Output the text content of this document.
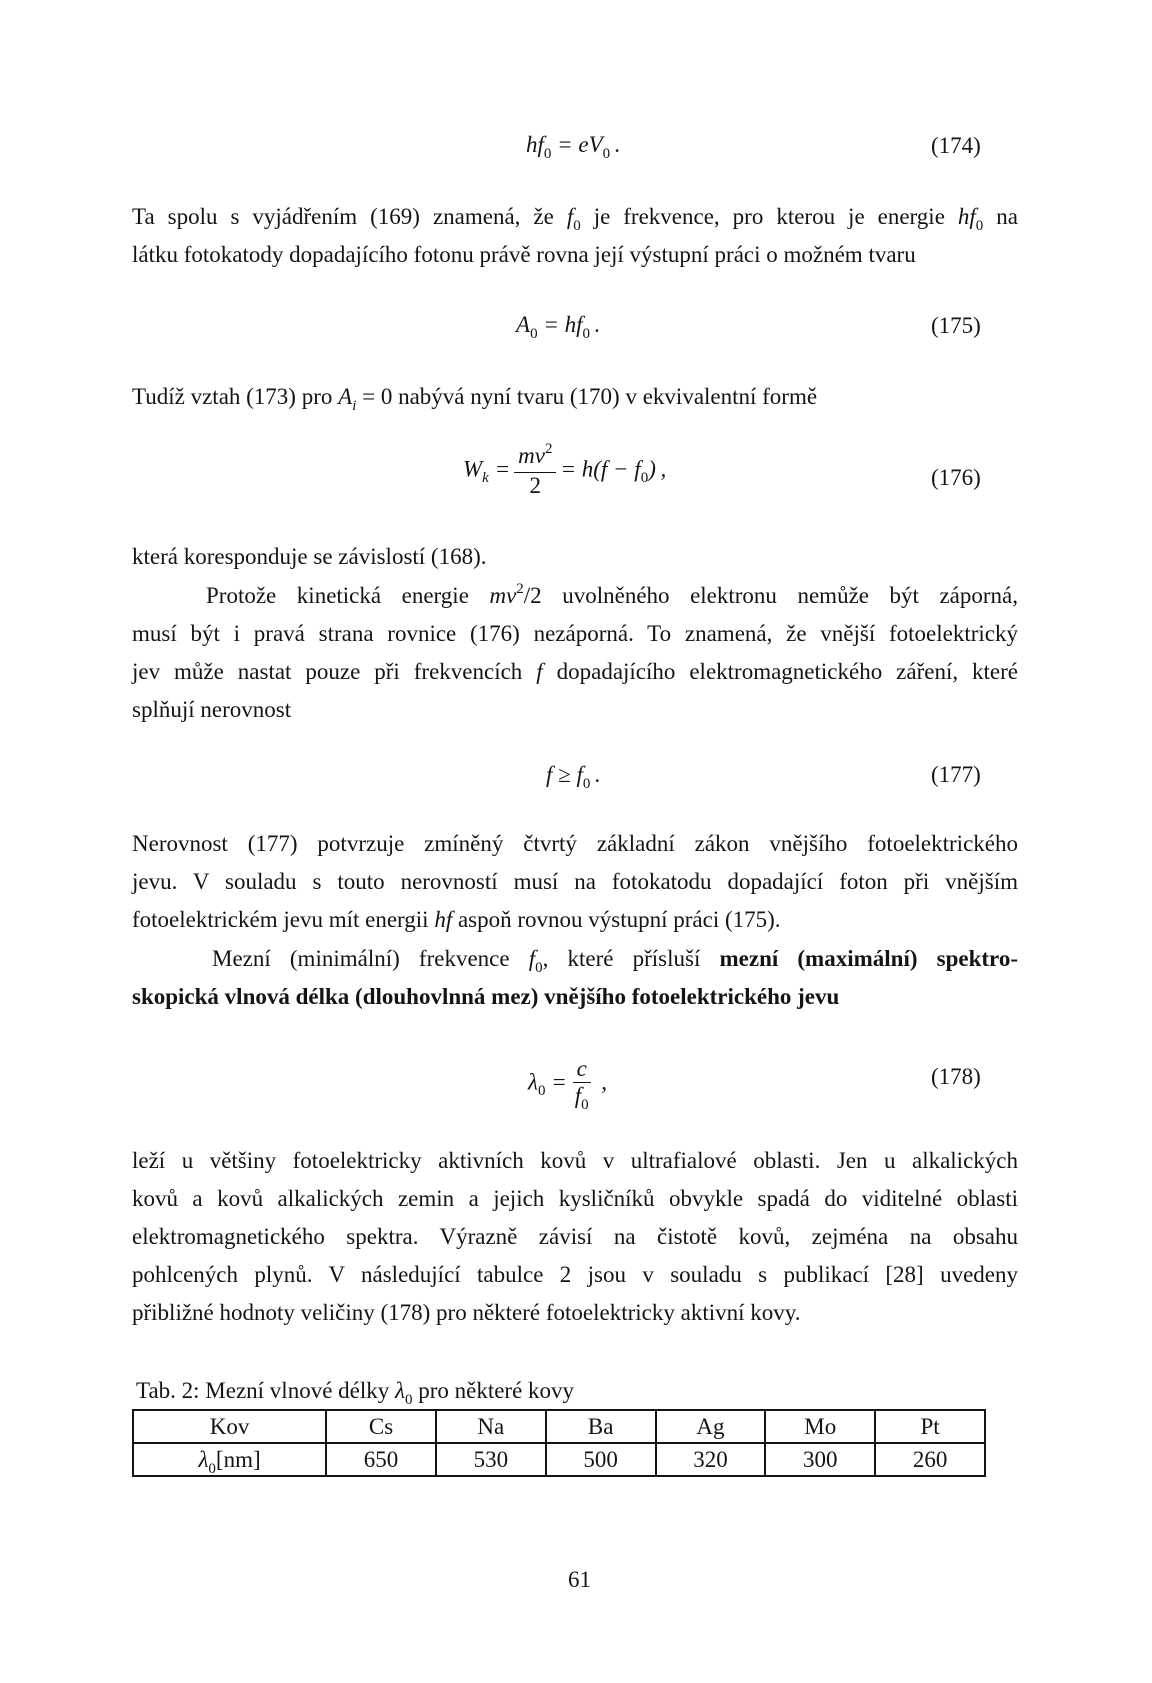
$hf_0 = eV_0$ .	(174)
Ta spolu s vyjádřením (169) znamená, že $f_0$ je frekvence, pro kterou je energie $hf_0$ na
látku fotokatody dopadajícího fotonu právě rovna její výstupní práci o možném tvaru
$A_0 = hf_0$ .	(175)
Tudíž vztah (173) pro $A_i = 0$ nabývá nyní tvaru (170) v ekvivalentní formě
$W_k = \frac{mv^2}{2} = h(f - f_0)$ ,	(176)
která koresponduje se závislostí (168).
Protože kinetická energie $mv^2/2$ uvolněného elektronu nemůže být záporná,
musí být i pravá strana rovnice (176) nezáporná. To znamená, že vnější fotoelektrický
jev může nastat pouze při frekvencích f dopadajícího elektromagnetického záření, které
splňují nerovnost
$f \ge f_0$ .	(177)
Nerovnost (177) potvrzuje zmíněný čtvrtý základní zákon vnějšího fotoelektrického
jevu. V souladu s touto nerovností musí na fotokatodu dopadající foton při vnějším
fotoelektrickém jevu mít energii hf aspoň rovnou výstupní práci (175).
Mezní (minimální) frekvence $f_0$, které přísluší mezní (maximální) spektro-
skopická vlnová délka (dlouhovlnná mez) vnějšího fotoelektrického jevu
$\lambda_0 = \frac{c}{f_0}$  ,	(178)
leží u většiny fotoelektricky aktivních kovů v ultrafialové oblasti. Jen u alkalických
kovů a kovů alkalických zemin a jejich kysličníků obvykle spadá do viditelné oblasti
elektromagnetického spektra. Výrazně závisí na čistotě kovů, zejména na obsahu
pohlcených plynů. V následující tabulce 2 jsou v souladu s publikací [28] uvedeny
přibližné hodnoty veličiny (178) pro některé fotoelektricky aktivní kovy.
Tab. 2: Mezní vlnové délky $\lambda_0$ pro některé kovy
Kov	Cs	Na	Ba	Ag	Mo	Pt
$\lambda_0[nm]$	650	530	500	320	300	260
61
